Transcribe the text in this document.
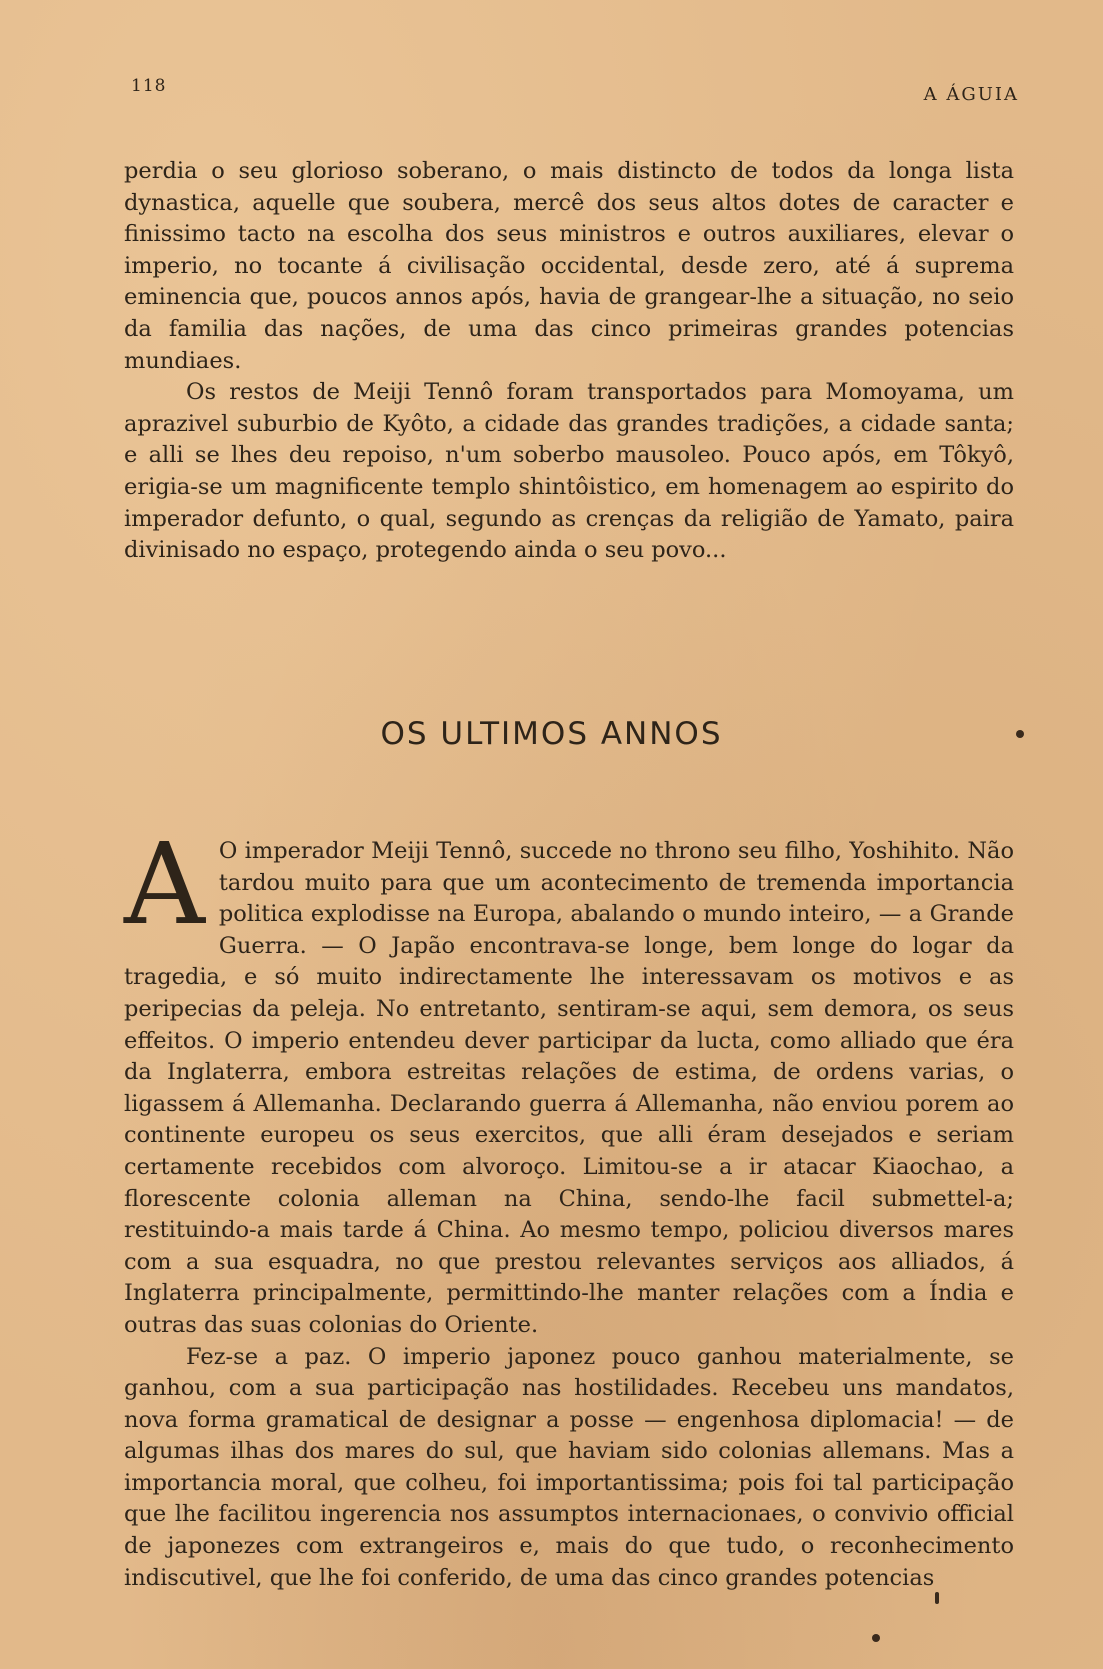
118	A ÁGUIA

perdia o seu glorioso soberano, o mais distincto de todos da longa lista dynastica, aquelle que soubera, mercê dos seus altos dotes de caracter e finissimo tacto na escolha dos seus ministros e outros auxiliares, elevar o imperio, no tocante á civilisação occidental, desde zero, até á suprema eminencia que, poucos annos após, havia de grangear-lhe a situação, no seio da familia das nações, de uma das cinco primeiras grandes potencias mundiaes.

Os restos de Meiji Tennô foram transportados para Momoyama, um aprazivel suburbio de Kyôto, a cidade das grandes tradições, a cidade santa; e alli se lhes deu repoiso, n'um soberbo mausoleo. Pouco após, em Tôkyô, erigia-se um magnificente templo shintôistico, em homenagem ao espirito do imperador defunto, o qual, segundo as crenças da religião de Yamato, paira divinisado no espaço, protegendo ainda o seu povo...

OS ULTIMOS ANNOS

A O imperador Meiji Tennô, succede no throno seu filho, Yoshihito. Não tardou muito para que um acontecimento de tremenda importancia politica explodisse na Europa, abalando o mundo inteiro, — a Grande Guerra. — O Japão encontrava-se longe, bem longe do logar da tragedia, e só muito indirectamente lhe interessavam os motivos e as peripecias da peleja. No entretanto, sentiram-se aqui, sem demora, os seus effeitos. O imperio entendeu dever participar da lucta, como alliado que éra da Inglaterra, embora estreitas relações de estima, de ordens varias, o ligassem á Allemanha. Declarando guerra á Allemanha, não enviou porem ao continente europeu os seus exercitos, que alli éram desejados e seriam certamente recebidos com alvoroço. Limitou-se a ir atacar Kiaochao, a florescente colonia alleman na China, sendo-lhe facil submettel-a; restituindo-a mais tarde á China. Ao mesmo tempo, policiou diversos mares com a sua esquadra, no que prestou relevantes serviços aos alliados, á Inglaterra principalmente, permittindo-lhe manter relações com a Índia e outras das suas colonias do Oriente.

Fez-se a paz. O imperio japonez pouco ganhou materialmente, se ganhou, com a sua participação nas hostilidades. Recebeu uns mandatos, nova forma gramatical de designar a posse — engenhosa diplomacia! — de algumas ilhas dos mares do sul, que haviam sido colonias allemans. Mas a importancia moral, que colheu, foi importantissima; pois foi tal participação que lhe facilitou ingerencia nos assumptos internacionaes, o convivio official de japonezes com extrangeiros e, mais do que tudo, o reconhecimento indiscutivel, que lhe foi conferido, de uma das cinco grandes potencias
